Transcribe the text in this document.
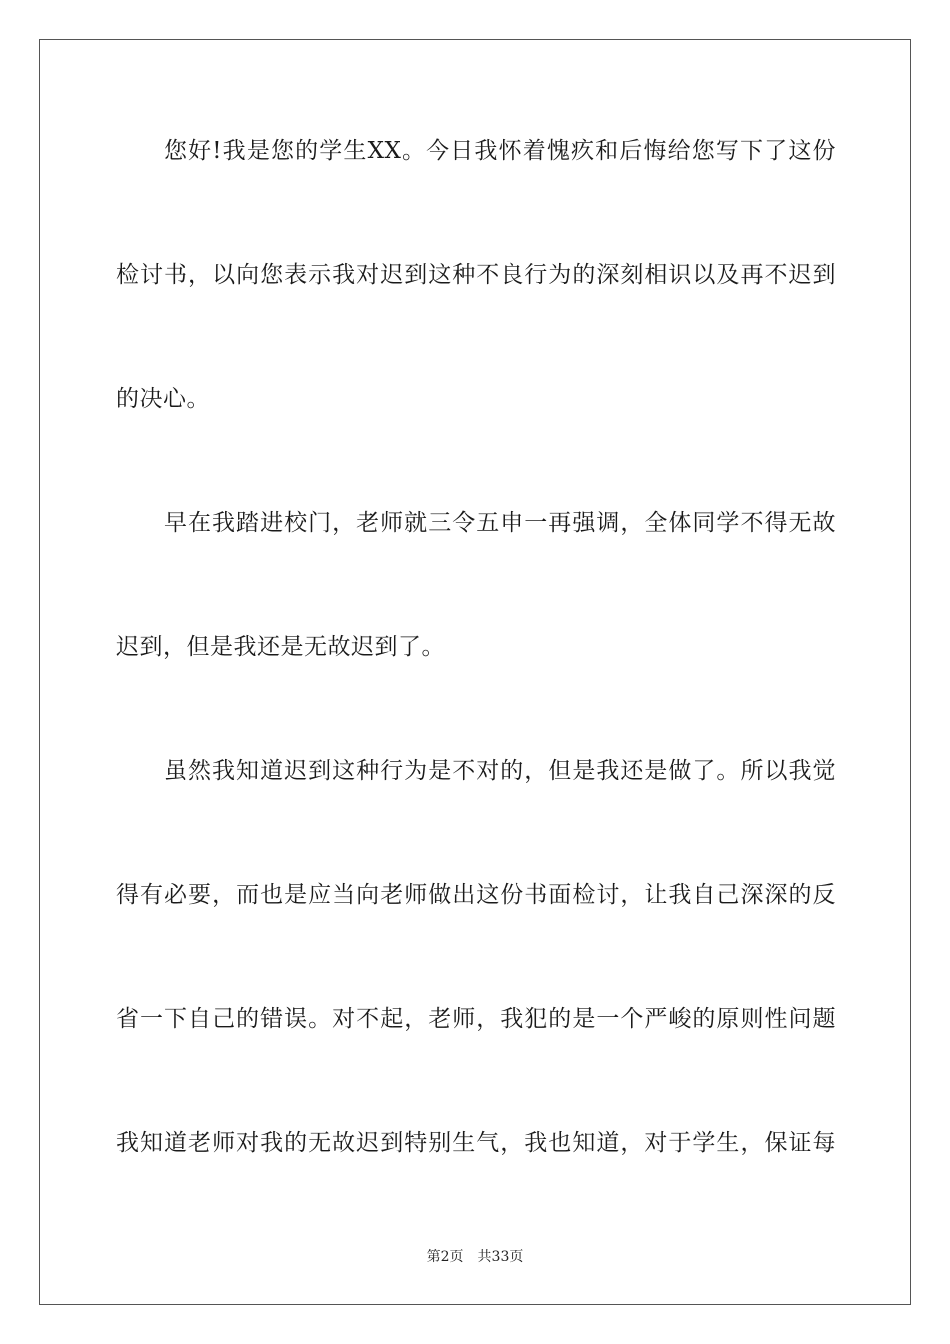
您好!我是您的学生XX。今日我怀着愧疚和后悔给您写下了这份
检讨书，以向您表示我对迟到这种不良行为的深刻相识以及再不迟到
的决心。
早在我踏进校门，老师就三令五申一再强调，全体同学不得无故
迟到，但是我还是无故迟到了。
虽然我知道迟到这种行为是不对的，但是我还是做了。所以我觉
得有必要，而也是应当向老师做出这份书面检讨，让我自己深深的反
省一下自己的错误。对不起，老师，我犯的是一个严峻的原则性问题
我知道老师对我的无故迟到特别生气，我也知道，对于学生，保证每
第2页 共33页
